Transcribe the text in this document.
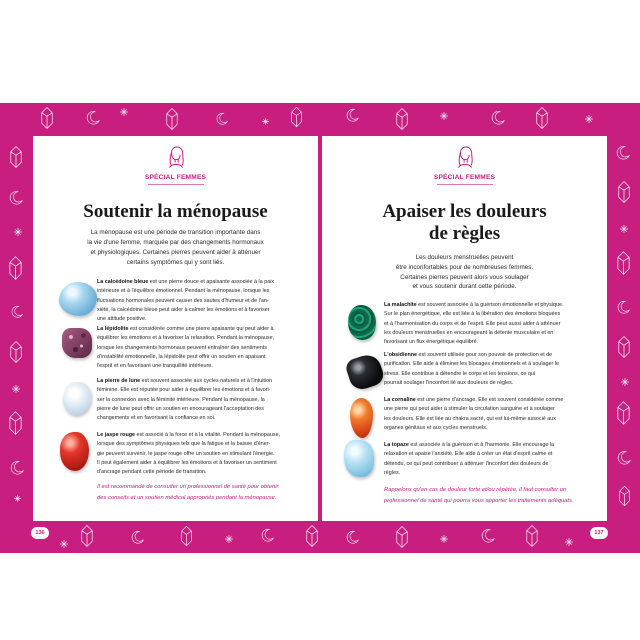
SPÉCIAL FEMMES
Soutenir la ménopause
La ménopause est une période de transition importante dans
la vie d'une femme, marquée par des changements hormonaux
et physiologiques. Certaines pierres peuvent aider à atténuer
certains symptômes qui y sont liés.
La calcédoine bleue est une pierre douce et apaisante associée à la paix
intérieure et à l'équilibre émotionnel. Pendant la ménopause, lorsque les
fluctuations hormonales peuvent causer des sautes d'humeur et de l'an-
xiété, la calcédoine bleue peut aider à calmer les émotions et à favoriser
une attitude positive.
La lépidolite est considérée comme une pierre apaisante qui peut aider à
équilibrer les émotions et à favoriser la relaxation. Pendant la ménopause,
lorsque les changements hormonaux peuvent entraîner des sentiments
d'instabilité émotionnelle, la lépidolite peut offrir un soutien en apaisant
l'esprit et en favorisant une tranquillité intérieure.
La pierre de lune est souvent associée aux cycles naturels et à l'intuition
féminine. Elle est réputée pour aider à équilibrer les émotions et à favori-
ser la connexion avec la féminité intérieure. Pendant la ménopause, la
pierre de lune peut offrir un soutien en encourageant l'acceptation des
changements et en favorisant la confiance en soi.
Le jaspe rouge est associé à la force et à la vitalité. Pendant la ménopause,
lorsque des symptômes physiques tels que la fatigue et la baisse d'éner-
gie peuvent survenir, le jaspe rouge offre un soutien en stimulant l'énergie.
Il peut également aider à équilibrer les émotions et à favoriser un sentiment
d'ancrage pendant cette période de transition.
Il est recommandé de consulter un professionnel de santé pour obtenir
des conseils et un soutien médical appropriés pendant la ménopause.
SPÉCIAL FEMMES
Apaiser les douleurs
de règles
Les douleurs menstruelles peuvent
être inconfortables pour de nombreuses femmes.
Certaines pierres peuvent alors vous soulager
et vous soutenir durant cette période.
La malachite est souvent associée à la guérison émotionnelle et physique.
Sur le plan énergétique, elle est liée à la libération des émotions bloquées
et à l'harmonisation du corps et de l'esprit. Elle peut aussi aider à atténuer
les douleurs menstruelles en encourageant la détente musculaire et en
favorisant un flux énergétique équilibré.
L'obsidienne est souvent utilisée pour son pouvoir de protection et de
purification. Elle aide à éliminer les blocages émotionnels et à soulager le
stress. Elle contribue à détendre le corps et les tensions, ce qui
pourrait soulager l'inconfort lié aux douleurs de règles.
La cornaline est une pierre d'ancrage. Elle est souvent considérée comme
une pierre qui peut aider à stimuler la circulation sanguine et à soulager
les douleurs. Elle est liée au chakra sacré, qui est lui-même associé aux
organes génitaux et aux cycles menstruels.
La topaze est associée à la guérison et à l'harmonie. Elle encourage la
relaxation et apaise l'anxiété. Elle aide à créer un état d'esprit calme et
détendu, ce qui peut contribuer à atténuer l'inconfort des douleurs de
règles.
Rappelons qu'en cas de douleur forte et/ou répétée, il faut consulter un
professionnel de santé qui pourra vous apporter les traitements adéquats.
136	137
